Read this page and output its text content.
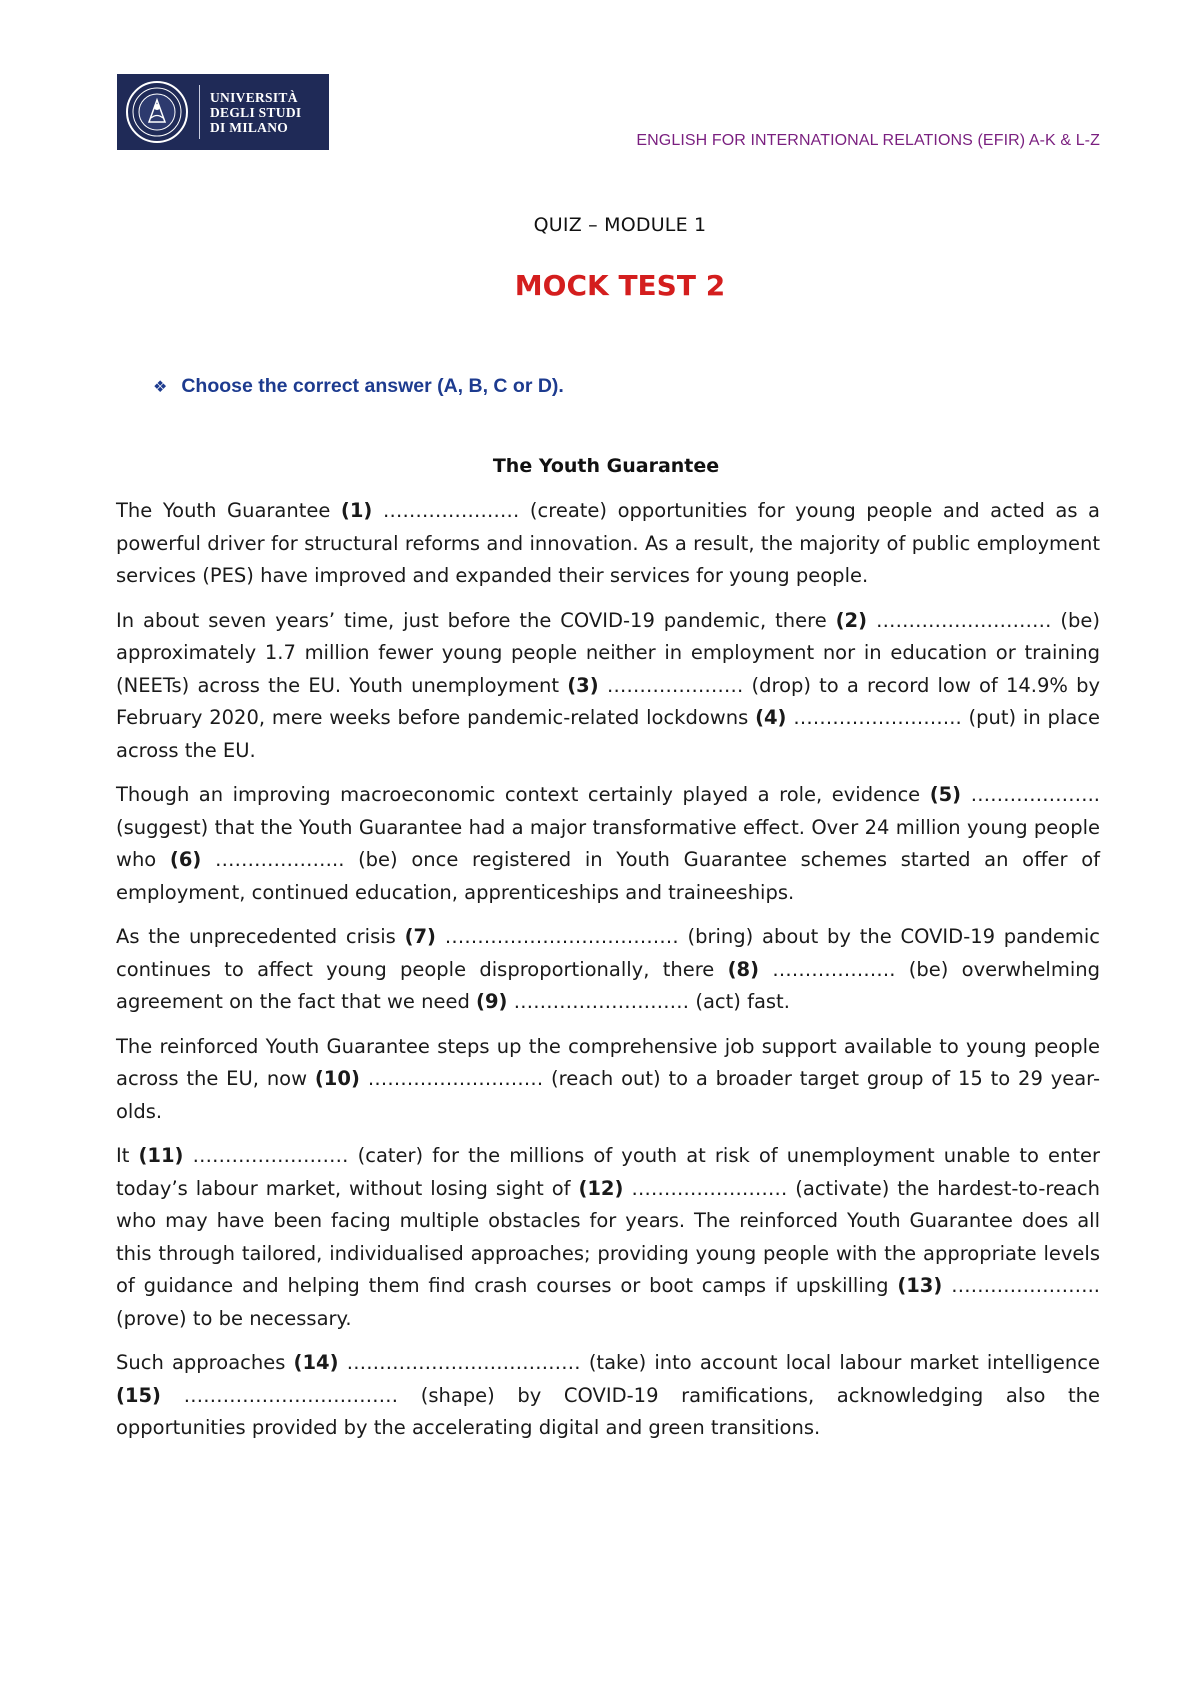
UNIVERSITÀ
DEGLI STUDI
DI MILANO
ENGLISH FOR INTERNATIONAL RELATIONS (EFIR) A-K & L-Z
QUIZ – MODULE 1
MOCK TEST 2
❖ Choose the correct answer (A, B, C or D).
The Youth Guarantee

The Youth Guarantee (1) ………………… (create) opportunities for young people and acted as a powerful driver for structural reforms and innovation. As a result, the majority of public employment services (PES) have improved and expanded their services for young people.

In about seven years’ time, just before the COVID-19 pandemic, there (2) ……………………… (be) approximately 1.7 million fewer young people neither in employment nor in education or training (NEETs) across the EU. Youth unemployment (3) ………………… (drop) to a record low of 14.9% by February 2020, mere weeks before pandemic-related lockdowns (4) …………………….. (put) in place across the EU.

Though an improving macroeconomic context certainly played a role, evidence (5) ……………….. (suggest) that the Youth Guarantee had a major transformative effect. Over 24 million young people who (6) ……………….. (be) once registered in Youth Guarantee schemes started an offer of employment, continued education, apprenticeships and traineeships.

As the unprecedented crisis (7) ……………………………… (bring) about by the COVID-19 pandemic continues to affect young people disproportionally, there (8) ………………. (be) overwhelming agreement on the fact that we need (9) ……………………… (act) fast.

The reinforced Youth Guarantee steps up the comprehensive job support available to young people across the EU, now (10) ……………………… (reach out) to a broader target group of 15 to 29 year-olds.

It (11) …………………… (cater) for the millions of youth at risk of unemployment unable to enter today’s labour market, without losing sight of (12) …………………… (activate) the hardest-to-reach who may have been facing multiple obstacles for years. The reinforced Youth Guarantee does all this through tailored, individualised approaches; providing young people with the appropriate levels of guidance and helping them find crash courses or boot camps if upskilling (13) ………………….. (prove) to be necessary.

Such approaches (14) ……………………………… (take) into account local labour market intelligence (15) …………………………… (shape) by COVID-19 ramifications, acknowledging also the opportunities provided by the accelerating digital and green transitions.
